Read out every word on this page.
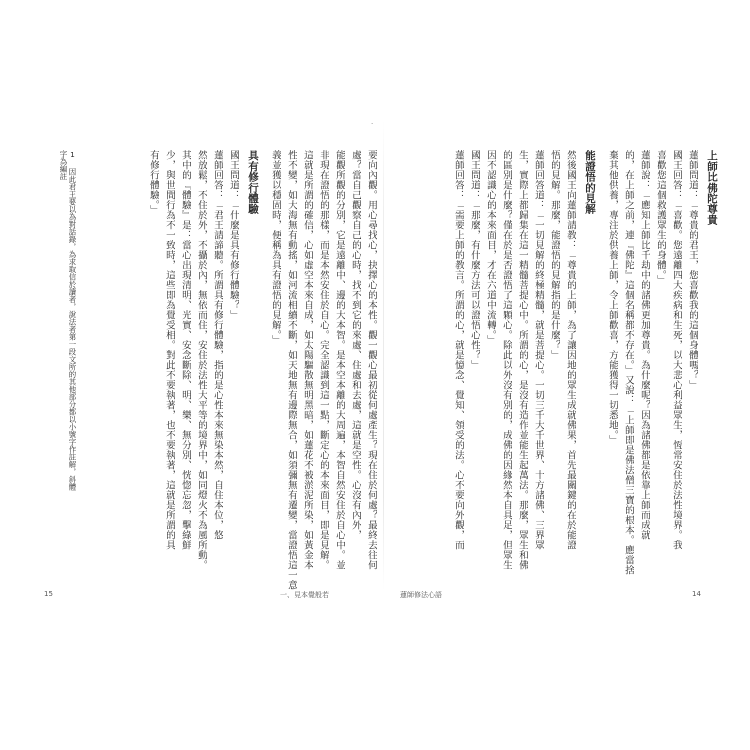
·
上師比佛陀尊貴
蓮師問道：「尊貴的君王，您喜歡我的這個身體嗎？」
國王回答：「喜歡。您遠離四大疾病和生死，以大悲心利益眾生，恆常安住於法性境界。我
喜歡您這個救護眾生的身體。」
蓮師說：「應知上師比千劫中的諸佛更加尊貴。為什麼呢？因為諸佛都是依靠上師而成就
的，在上師之前，連『佛陀』這個名稱都不存在。」又說：「上師即是佛法僧三寶的根本。應當捨
棄其他供養，專注於供養上師，令上師歡喜，方能獲得一切悉地。」
能證悟的見解
然後國王向蓮師請教：「尊貴的上師，為了讓因地的眾生成就佛果，首先最關鍵的在於能證
悟的見解。那麼，能證悟的見解指的是什麼？」
蓮師回答道：「一切見解的終極精髓，就是菩提心。一切三千大千世界、十方諸佛、三界眾
生，實際上都歸集在這一精髓菩提心中。所謂的心，是沒有造作並能生起萬法。那麼，眾生和佛
的區別是什麼？僅在於是否證悟了這顆心。除此以外沒有別的，成佛的因緣然本自具足，但眾生
因不認識心的本來面目，才在六道中流轉。」
國王問道：「那麼，有什麼方法可以證悟心性？」
蓮師回答：「需要上師的教言。所謂的心，就是憶念、覺知、領受的法。心不要向外觀，而
要向內觀。用心尋找心，抉擇心的本性。觀一觀心最初從何處產生？現在住於何處？最終去往何
處？當自己觀察自己的心時，找不到它的來處、住處和去處，這就是空性。心沒有內外，
能觀所觀的分別，它是遠離中、邊的大本智。是本空本離的大周遍，本智自然安住於自心中。並
非現在證悟的那樣，而是本然安住於自心。完全認識到這一點，斷定心的本來面目，即是見解。
這就是所謂的確信，心如虛空本來自成，如太陽驅散無明黑暗，如蓮花不被淤泥所染，如黃金本
性不變，如大海無有動搖，如河流相續不斷，如天地無有邊際無合，如須彌無有遷變，當證悟這一意
義並獲以穩固時，便稱為具有證悟的見解。」
具有修行體驗
國王問道：「什麼是具有修行體驗？」
蓮師回答：「君王請諦聽。所謂具有修行體驗，指的是心性本來無染本然，自住本位，悠
然放鬆，不住於外，不攝於內，無依而住，安住於法性大平等的境界中，如同燈火不為風所動。
其中的『體驗』是：當心出現清明、光實、安念斷除、明、樂、無分別、恍惚忘忽，擊綠鮮
少，與世間行為不一致時，這些即為覺受相。對此不要執著，也不要執著，這就是所謂的具
有修行體驗。」
1 因此君王要以為對話錄，為求取信於讀者，說法者第一段文所的其他部分都以小號字作註解，斜體字為編註
15	一、見本覺般若	蓮師修法心語	14
